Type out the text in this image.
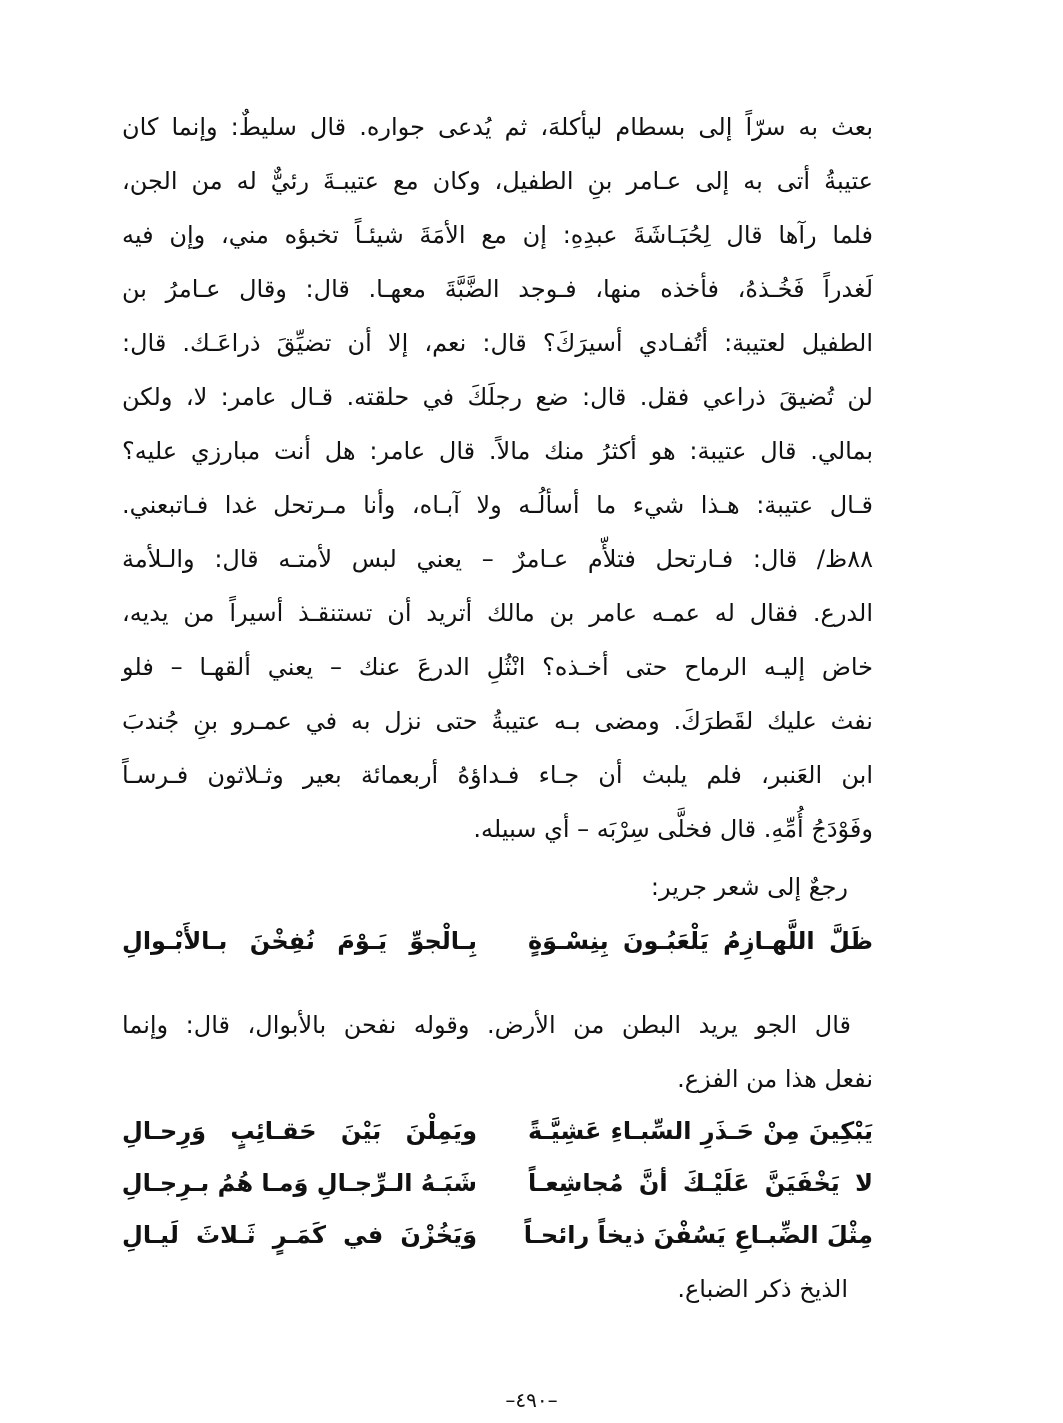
بعث به سرّاً إلى بسطام ليأكلهَ، ثم يُدعى جواره. قال سليطٌ: وإنما كان
عتيبةُ أتى به إلى عـامر بنِ الطفيل، وكان مع عتيبـةَ رئيٌّ له من الجن،
فلما رآها قال لِحُبَـاشَةَ عبدِهِ: إن مع الأمَةَ شيئـاً تخبؤه مني، وإن فيه
لَغدراً فَخُـذهُ، فأخذه منها، فـوجد الضَّبَّةَ معهـا. قال: وقال عـامرُ بن
الطفيل لعتيبة: أتُفـادي أسيرَكَ؟ قال: نعم، إلا أن تضيِّقَ ذراعَـك. قال:
لن تُضيقَ ذراعي فقل. قال: ضع رجلَكَ في حلقته. قـال عامر: لا، ولكن
بمالي. قال عتيبة: هو أكثرُ منك مالاً. قال عامر: هل أنت مبارزي عليه؟
قـال عتيبة: هـذا شيء ما أسألُـه ولا آبـاه، وأنا مـرتحل غدا فـاتبعني.
٨٨ظ/ قال: فـارتحل فتلأّم عـامرٌ – يعني لبس لأمتـه قال: والـلأمة
الدرع. فقال له عمـه عامر بن مالك أتريد أن تستنقـذ أسيراً من يديه،
خاض إليـه الرماح حتى أخـذه؟ انْثُلِ الدرعَ عنك – يعني ألقهـا – فلو
نفث عليك لقَطرَكَ. ومضى بـه عتيبةُ حتى نزل به في عمـرو بنِ جُندبَ
ابن العَنبر، فلم يلبث أن جـاء فـداؤهُ أربعمائة بعير وثـلاثون فـرسـاً
وفَوْدَجُ أُمِّهِ. قال فخلَّى سِرْبَه – أي سبيله.
رجعٌ إلى شعر جرير:
ظَلَّ اللَّهـازِمُ يَلْعَبُـونَ بِنِسْـوَةٍ
بِـالْجوِّ يَـوْمَ نُفِخْنَ بـالأَبْـوالِ
قال الجو يريد البطن من الأرض. وقوله نفحن بالأبوال، قال: وإنما
نفعل هذا من الفزع.
يَبْكِينَ مِنْ حَـذَرِ السِّبـاءِ عَشِيَّـةً
ويَمِلْنَ بَيْنَ حَقـائِبٍ وَرِحـالِ
لا يَخْفَيَنَّ عَلَيْـكَ أنَّ مُجاشِعـاً
شَبَـهُ الـرِّجـالِ وَمـا هُمُ بـرِجـالِ
مِثْلَ الضِّبـاعِ يَسُفْنَ ذيخاً رائحـاً
وَيَخُزْنَ في كَمَـرٍ ثَـلاثَ لَيـالِ
الذيخ ذكر الضباع.
–٤٩٠–
